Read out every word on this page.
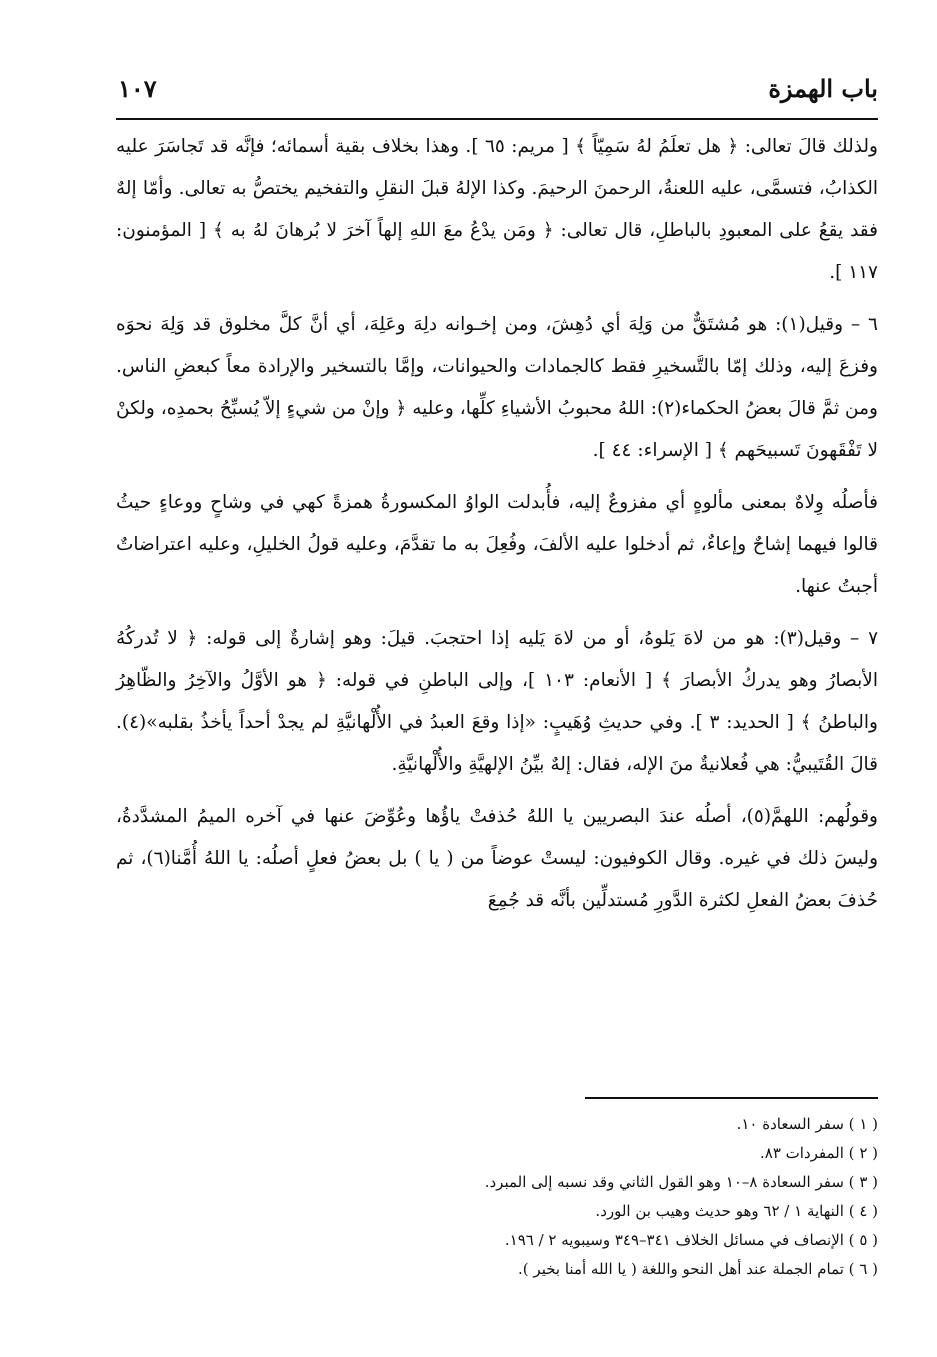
باب الهمزة
١٠٧

ولذلك قالَ تعالى: ﴿ هل تعلَمُ لهُ سَمِيّاً ﴾ [ مريم: ٦٥ ]. وهذا بخلاف بقية أسمائه؛ فإنَّه قد تَجاسَرَ عليه الكذابُ، فتسمَّى، عليه اللعنةُ، الرحمنَ الرحيمَ. وكذا الإلهُ قبلَ النقلِ والتفخيم يختصُّ به تعالى. وأمّا إلهٌ فقد يقعُ على المعبودِ بالباطلِ، قال تعالى: ﴿ ومَن يدْعُ معَ اللهِ إلهاً آخرَ لا بُرهانَ لهُ به ﴾ [ المؤمنون: ١١٧ ].

٦ – وقيل(١): هو مُشتَقٌّ من وَلِهَ أي دُهِشَ، ومن إخـوانه دلِهَ وعَلِهَ، أي أنَّ كلَّ مخلوق قد وَلِهَ نحوَه وفزعَ إليه، وذلك إمّا بالتَّسخيرِ فقط كالجمادات والحيوانات، وإمَّا بالتسخير والإرادة معاً كبعضِ الناس. ومن ثمَّ قالَ بعضُ الحكماء(٢): اللهُ محبوبُ الأشياءِ كلِّها، وعليه ﴿ وإنْ من شيءٍ إلاّ يُسبِّحُ بحمدِه، ولكنْ لا تَفْقَهونَ تَسبيحَهم ﴾ [ الإسراء: ٤٤ ].

فأصلُه وِلاهٌ بمعنى مألوهٍ أي مفزوعٌ إليه، فأُبدلت الواوُ المكسورةُ همزةً كهي في وشاحٍ ووعاءٍ حيثُ قالوا فيهما إشاحٌ وإعاءٌ، ثم أدخلوا عليه الألفَ، وفُعِلَ به ما تقدَّمَ، وعليه قولُ الخليلِ، وعليه اعتراضاتٌ أجبتُ عنها.

٧ – وقيل(٣): هو من لاهَ يَلوهُ، أو من لاهَ يَليه إذا احتجبَ. قيلَ: وهو إشارةٌ إلى قوله: ﴿ لا تُدركُهُ الأبصارُ وهو يدركُ الأبصارَ ﴾ [ الأنعام: ١٠٣ ]، وإلى الباطنِ في قوله: ﴿ هو الأوَّلُ والآخِرُ والظّاهِرُ والباطنُ ﴾ [ الحديد: ٣ ]. وفي حديثِ وُهَيبٍ: «إذا وقعَ العبدُ في الأُلْهانيَّةِ لم يجدْ أحداً يأخذُ بقلبه»(٤). قالَ القُتَيبيُّ: هي فُعلانيةٌ منَ الإله، فقال: إلهٌ بيِّنُ الإلهيَّةِ والأُلْهانيَّةِ.

وقولُهم: اللهمَّ(٥)، أصلُه عندَ البصريين يا اللهُ حُذفتْ ياؤُها وعُوِّضَ عنها في آخره الميمُ المشدَّدةُ، وليسَ ذلك في غيره. وقال الكوفيون: ليستْ عوضاً من ( يا ) بل بعضُ فعلٍ أصلُه: يا اللهُ أُمَّنا(٦)، ثم حُذفَ بعضُ الفعلِ لكثرة الدَّورِ مُستدلِّين بأنَّه قد جُمِعَ

( ١ ) سفر السعادة ١٠.
( ٢ ) المفردات ٨٣.
( ٣ ) سفر السعادة ٨–١٠ وهو القول الثاني وقد نسبه إلى المبرد.
( ٤ ) النهاية ١ / ٦٢ وهو حديث وهيب بن الورد.
( ٥ ) الإنصاف في مسائل الخلاف ٣٤١–٣٤٩ وسيبويه ٢ / ١٩٦.
( ٦ ) تمام الجملة عند أهل النحو واللغة ( يا الله أمنا بخير ).
